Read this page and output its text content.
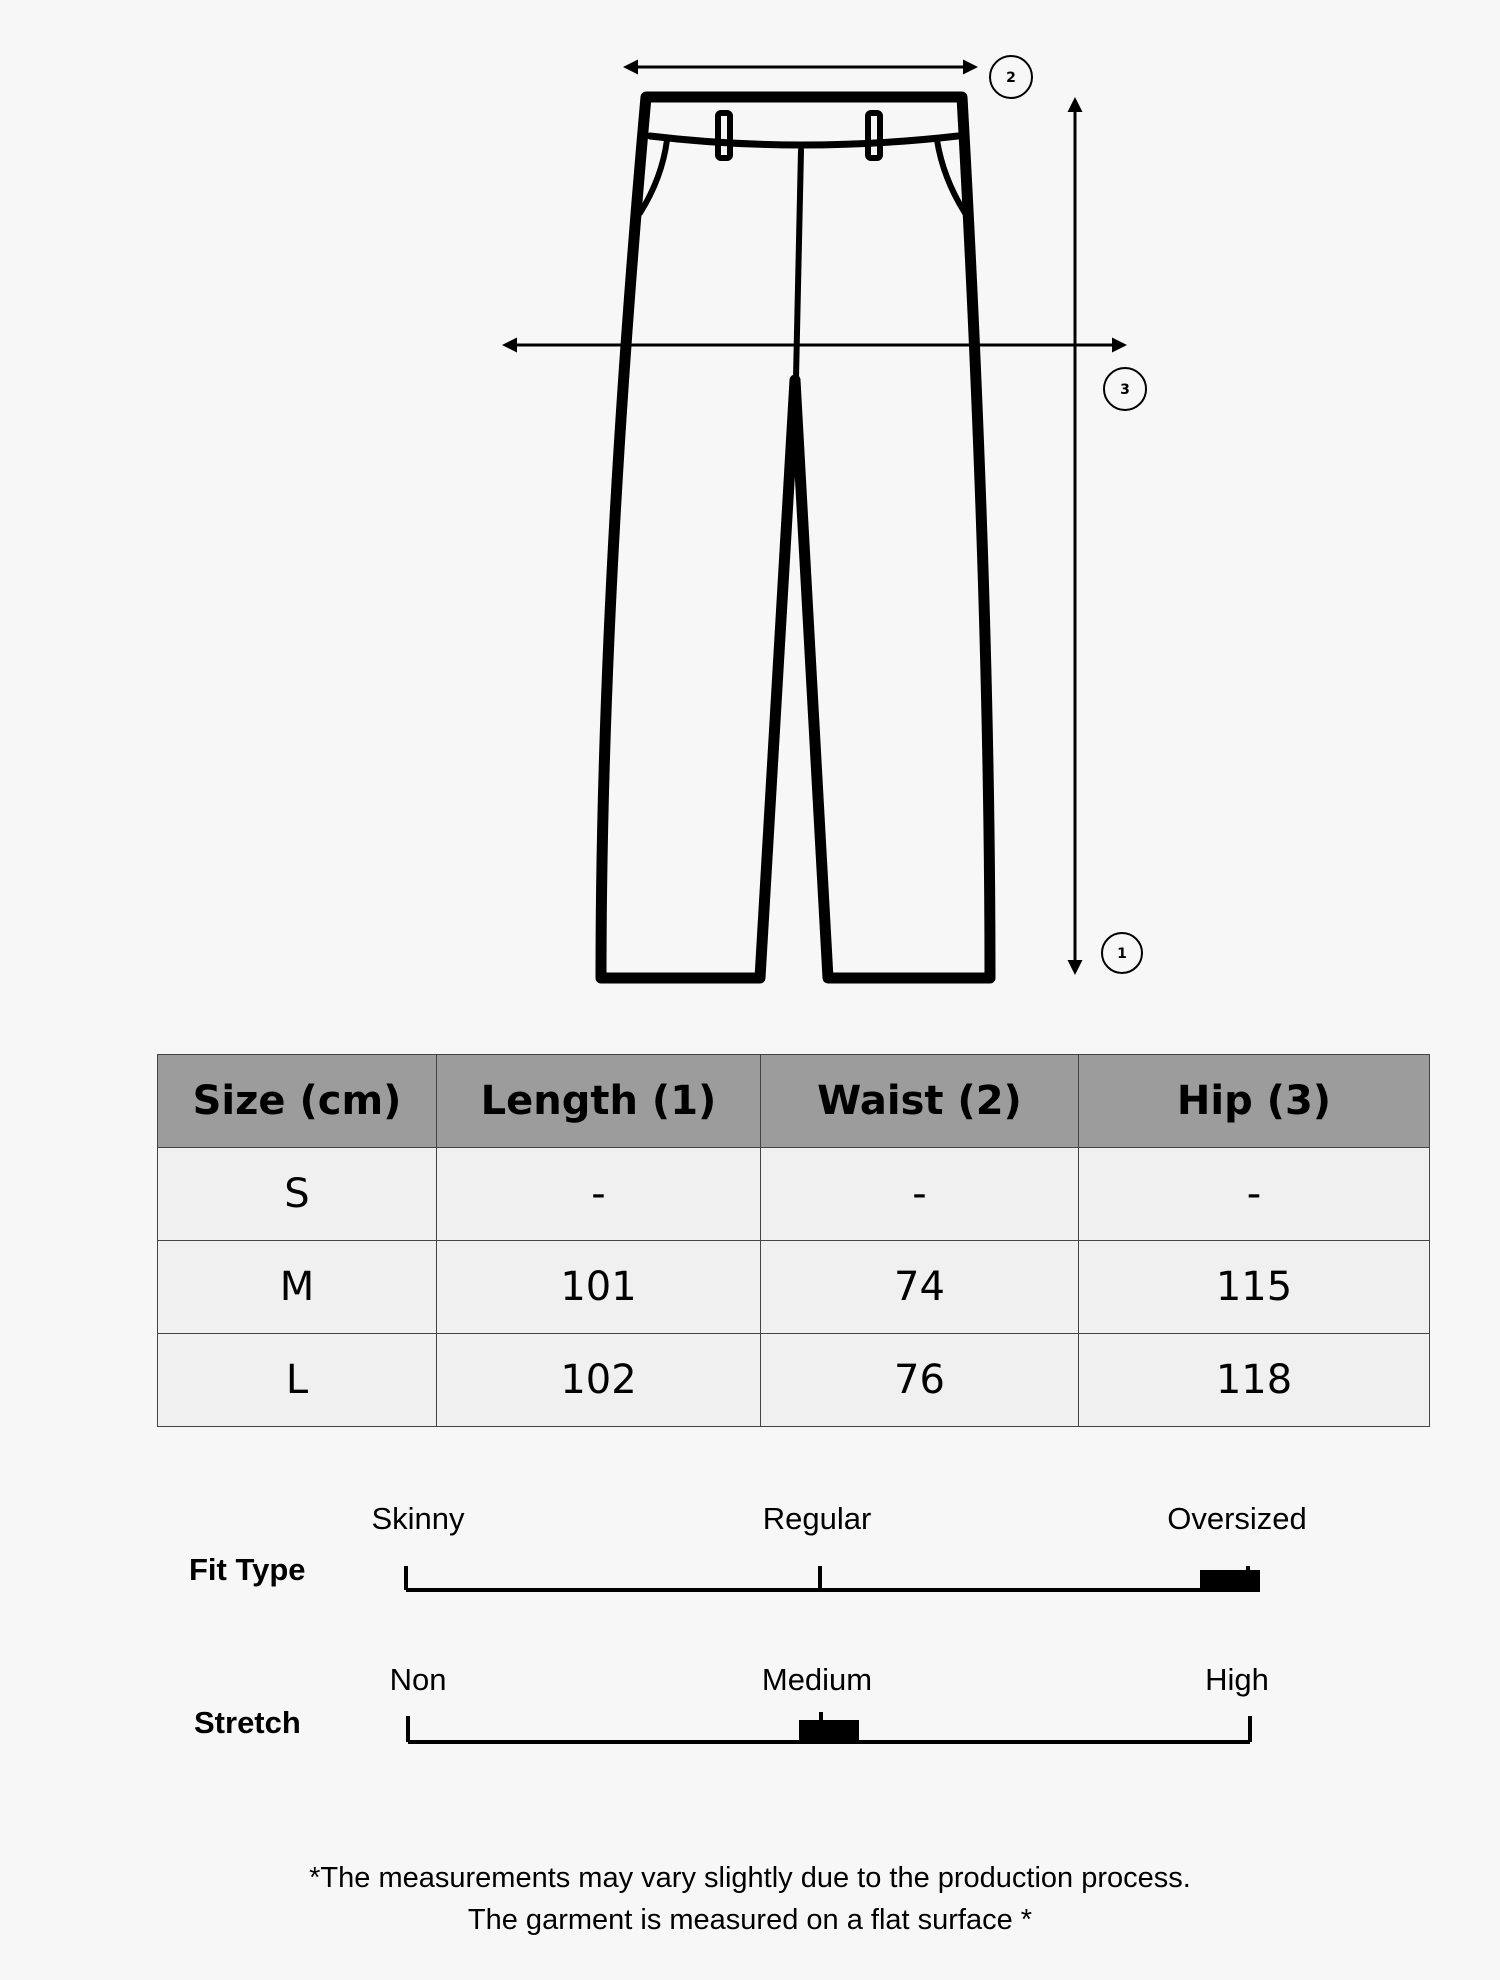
2
3
1
Size (cm)	Length (1)	Waist (2)	Hip (3)
S	-	-	-
M	101	74	115
L	102	76	118
Fit Type
Skinny	Regular	Oversized
Stretch
Non	Medium	High
*The measurements may vary slightly due to the production process.
The garment is measured on a flat surface *
